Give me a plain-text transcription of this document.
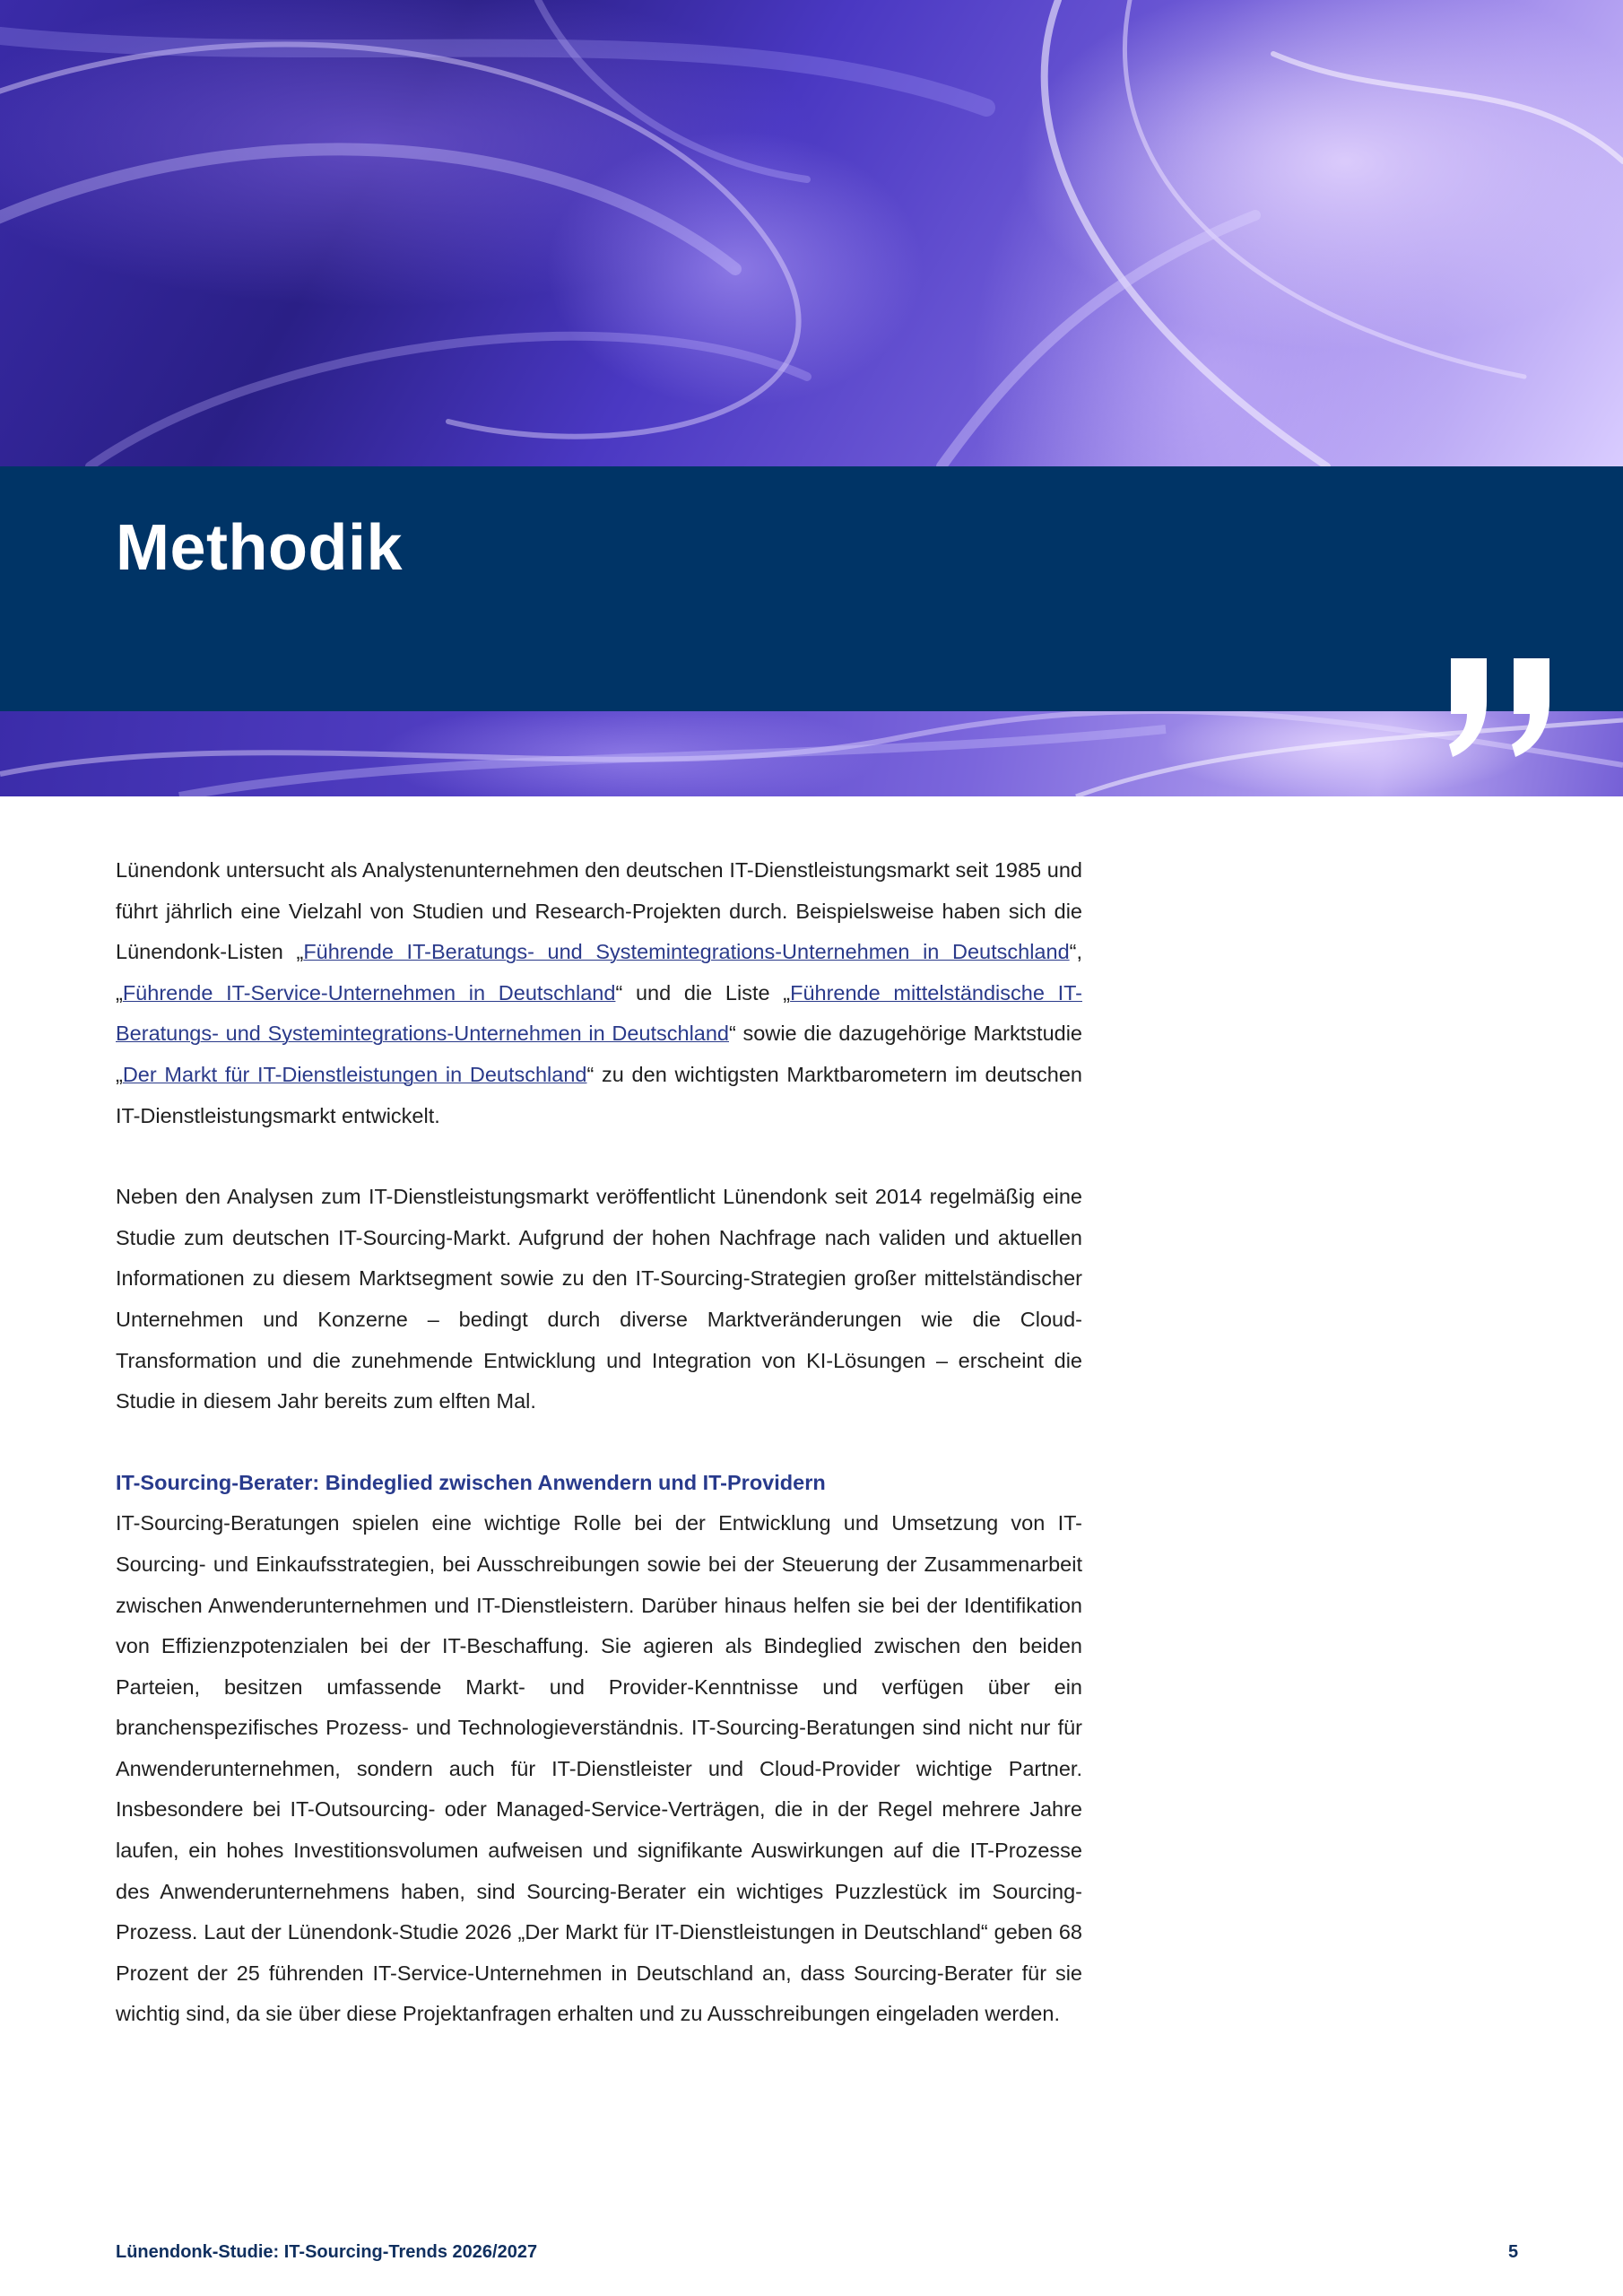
Methodik

Lünendonk untersucht als Analystenunternehmen den deutschen IT-Dienstleistungsmarkt seit 1985 und führt jährlich eine Vielzahl von Studien und Research-Projekten durch. Beispielsweise haben sich die Lünendonk-Listen „Führende IT-Beratungs- und Systemintegrations-Unternehmen in Deutschland“, „Führende IT-Service-Unternehmen in Deutschland“ und die Liste „Führende mittelständische IT-Beratungs- und Systemintegrations-Unternehmen in Deutschland“ sowie die dazugehörige Marktstudie „Der Markt für IT-Dienstleistungen in Deutschland“ zu den wichtigsten Marktbarometern im deutschen IT-Dienstleistungsmarkt entwickelt.

Neben den Analysen zum IT-Dienstleistungsmarkt veröffentlicht Lünendonk seit 2014 regelmäßig eine Studie zum deutschen IT-Sourcing-Markt. Aufgrund der hohen Nachfrage nach validen und aktuellen Informationen zu diesem Marktsegment sowie zu den IT-Sourcing-Strategien großer mittelständischer Unternehmen und Konzerne – bedingt durch diverse Marktveränderungen wie die Cloud-Transformation und die zunehmende Entwicklung und Integration von KI-Lösungen – erscheint die Studie in diesem Jahr bereits zum elften Mal.

IT-Sourcing-Berater: Bindeglied zwischen Anwendern und IT-Providern

IT-Sourcing-Beratungen spielen eine wichtige Rolle bei der Entwicklung und Umsetzung von IT-Sourcing- und Einkaufsstrategien, bei Ausschreibungen sowie bei der Steuerung der Zusammenarbeit zwischen Anwenderunternehmen und IT-Dienstleistern. Darüber hinaus helfen sie bei der Identifikation von Effizienzpotenzialen bei der IT-Beschaffung. Sie agieren als Bindeglied zwischen den beiden Parteien, besitzen umfassende Markt- und Provider-Kenntnisse und verfügen über ein branchenspezifisches Prozess- und Technologieverständnis. IT-Sourcing-Beratungen sind nicht nur für Anwenderunternehmen, sondern auch für IT-Dienstleister und Cloud-Provider wichtige Partner. Insbesondere bei IT-Outsourcing- oder Managed-Service-Verträgen, die in der Regel mehrere Jahre laufen, ein hohes Investitionsvolumen aufweisen und signifikante Auswirkungen auf die IT-Prozesse des Anwenderunternehmens haben, sind Sourcing-Berater ein wichtiges Puzzlestück im Sourcing-Prozess. Laut der Lünendonk-Studie 2026 „Der Markt für IT-Dienstleistungen in Deutschland“ geben 68 Prozent der 25 führenden IT-Service-Unternehmen in Deutschland an, dass Sourcing-Berater für sie wichtig sind, da sie über diese Projektanfragen erhalten und zu Ausschreibungen eingeladen werden.

Lünendonk-Studie: IT-Sourcing-Trends 2026/2027	5
